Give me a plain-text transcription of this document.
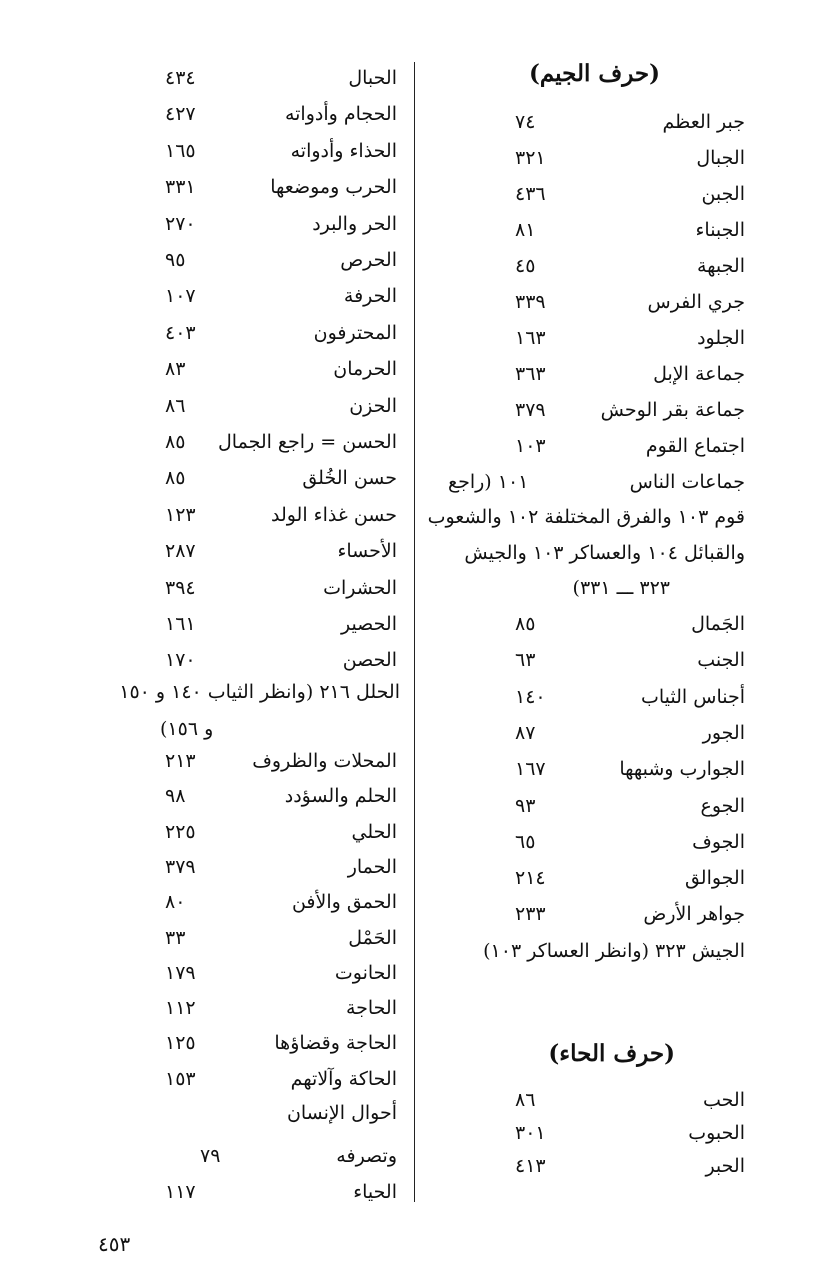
(حرف الجيم)
جبر العظم
٧٤
الجبال
٣٢١
الجبن
٤٣٦
الجبناء
٨١
الجبهة
٤٥
جري الفرس
٣٣٩
الجلود
١٦٣
جماعة الإبل
٣٦٣
جماعة بقر الوحش
٣٧٩
اجتماع القوم
١٠٣
جماعات الناس
١٠١ (راجع
قوم ١٠٣ والفرق المختلفة ١٠٢ والشعوب
والقبائل ١٠٤ والعساكر ١٠٣ والجيش
٣٢٣ ـــ ٣٣١)
الجَمال
٨٥
الجنب
٦٣
أجناس الثياب
١٤٠
الجور
٨٧
الجوارب وشبهها
١٦٧
الجوع
٩٣
الجوف
٦٥
الجوالق
٢١٤
جواهر الأرض
٢٣٣
الجيش ٣٢٣ (وانظر العساكر ١٠٣)
(حرف الحاء)
الحب
٨٦
الحبوب
٣٠١
الحبر
٤١٣
الحبال
٤٣٤
الحجام وأدواته
٤٢٧
الحذاء وأدواته
١٦٥
الحرب وموضعها
٣٣١
الحر والبرد
٢٧٠
الحرص
٩٥
الحرفة
١٠٧
المحترفون
٤٠٣
الحرمان
٨٣
الحزن
٨٦
الحسن = راجع الجمال
٨٥
حسن الخُلق
٨٥
حسن غذاء الولد
١٢٣
الأحساء
٢٨٧
الحشرات
٣٩٤
الحصير
١٦١
الحصن
١٧٠
الحلل ٢١٦ (وانظر الثياب ١٤٠ و ١٥٠
و ١٥٦)
المحلات والظروف
٢١٣
الحلم والسؤدد
٩٨
الحلي
٢٢٥
الحمار
٣٧٩
الحمق والأفن
٨٠
الحَمْل
٣٣
الحانوت
١٧٩
الحاجة
١١٢
الحاجة وقضاؤها
١٢٥
الحاكة وآلاتهم
١٥٣
أحوال الإنسان
وتصرفه
٧٩
الحياء
١١٧
٤٥٣
